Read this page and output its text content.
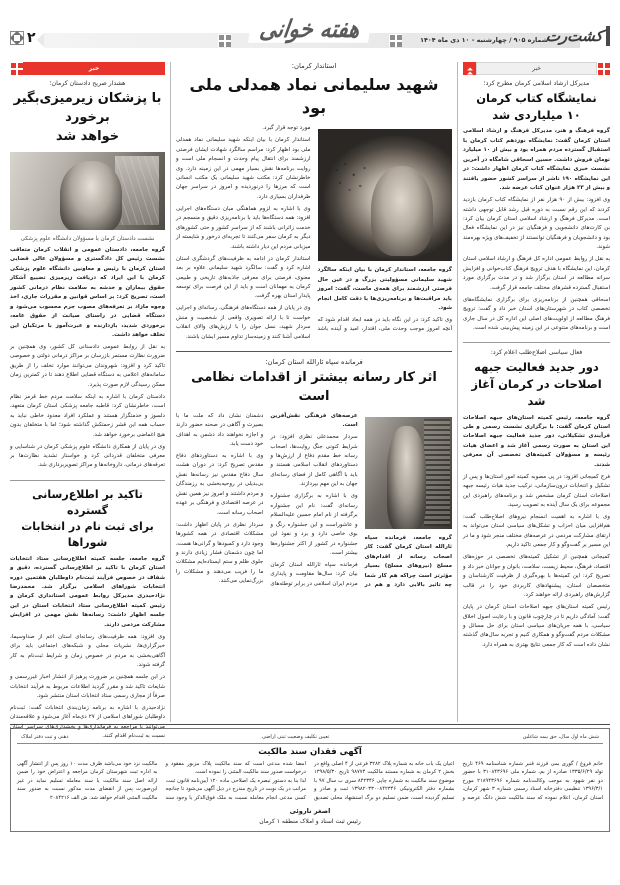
كشت‌رت
شماره ۹۰۵ / چهارشنبه - ۱۰ دی ماه ۱۴۰۴
هفته خوانی
۲
خبر
مدیرکل ارشاد اسلامی کرمان مطرح کرد؛
نمایشگاه کتاب کرمان
۱۰ میلیاردی شد

گروه فرهنگ و هنر، مدیرکل فرهنگ و ارشاد اسلامی استان کرمان گفت: نمایشگاه نوزدهم کتاب کرمان با استقبال گسترده مردم همراه بود و بیش از ۱۰ میلیارد تومان فروش داشت. حسین اسحاقی شامگاه در آخرین نشست خبری نمایشگاه کتاب کرمان اظهار داشت: در این نمایشگاه ۱۹۰ ناشر از سراسر کشور حضور یافتند و بیش از ۲۳ هزار عنوان کتاب عرضه شد.

وی افزود: بیش از ۹۰ هزار نفر از نمایشگاه کتاب کرمان بازدید کردند که این رقم نسبت به دوره قبل رشد قابل توجهی داشته است. مدیرکل فرهنگ و ارشاد اسلامی استان کرمان بیان کرد: بن کارت‌های دانشجویی و فرهنگیان نیز در این نمایشگاه فعال بود و دانشجویان و فرهنگیان توانستند از تخفیف‌های ویژه بهره‌مند شوند.

به نقل از روابط عمومی اداره کل فرهنگ و ارشاد اسلامی استان کرمان، این نمایشگاه با هدف ترویج فرهنگ کتاب‌خوانی و افزایش سرانه مطالعه در استان برگزار شد و در مدت برگزاری مورد استقبال گسترده قشرهای مختلف جامعه قرار گرفت.

اسحاقی همچنین از برنامه‌ریزی برای برگزاری نمایشگاه‌های تخصصی کتاب در شهرستان‌های استان خبر داد و گفت: ترویج فرهنگ مطالعه از اولویت‌های اصلی این اداره کل در سال جاری است و برنامه‌های متنوعی در این زمینه پیش‌بینی شده است.

فعال سیاسی اصلاح‌طلب اعلام کرد:
دور جدید فعالیت جبهه
اصلاحات در کرمان آغاز شد

گروه جامعه، رئیس کمیته استان‌های جبهه اصلاحات استان کرمان گفت: با برگزاری نشست رسمی و طی فرآیندی تشکیلاتی، دور جدید فعالیت جبهه اصلاحات این استان به صورت رسمی آغاز شد و اعضای هیات رئیسه و مسؤولان کمیته‌های تخصصی آن معرفی شدند.

فرج کمیجانی افزود: در پی مصوبه کمیته امور استان‌ها و پس از تشکیل و انتخابات درون‌سازمانی، ترکیب جدید هیات رئیسه جبهه اصلاحات استان کرمان مشخص شد و برنامه‌های راهبردی این مجموعه برای یک سال آینده به تصویب رسید.

وی با اشاره به اهمیت انسجام نیروهای اصلاح‌طلب گفت: هم‌افزایی میان احزاب و تشکل‌های سیاسی استان می‌تواند به ارتقای مشارکت مردمی در عرصه‌های مختلف منجر شود و ما در این مسیر بر گفت‌وگو و کار جمعی تاکید داریم.

کمیجانی همچنین از تشکیل کمیته‌های تخصصی در حوزه‌های اقتصاد، فرهنگ، محیط زیست، سلامت، بانوان و جوانان خبر داد و تصریح کرد: این کمیته‌ها با بهره‌گیری از ظرفیت کارشناسان و متخصصان استان، پیشنهادهای کاربردی خود را در قالب گزارش‌های راهبردی ارائه خواهند کرد.

رئیس کمیته استان‌های جبهه اصلاحات استان کرمان در پایان گفت: آمادگی داریم تا در چارچوب قانون و با رعایت اصول اخلاق سیاسی، با همه جریان‌های سیاسی استان برای حل مسائل و مشکلات مردم گفت‌وگو و همکاری کنیم و تجربه سال‌های گذشته نشان داده است که کار جمعی نتایج بهتری به همراه دارد.

استاندار کرمان:
شهید سلیمانی نماد همدلی ملی بود

گروه جامعه، استاندار کرمان با بیان اینکه سالگرد شهید سلیمانی مسؤولیتی بزرگ و در عین حال فرصتی ارزشمند برای همه‌ی ماست، گفت: امروز باید مراقبت‌ها و برنامه‌ریزی‌ها با دقت کامل انجام شود.

وی تاکید کرد: در این نگاه باید در همه ابعاد اقدام شود که آنچه امروز موجب وحدت ملی، اقتدار، امید و آینده باشد مورد توجه قرار گیرد.

استاندار کرمان با بیان اینکه شهید سلیمانی نماد همدلی ملی بود اظهار کرد: مراسم سالگرد شهادت ایشان فرصتی ارزشمند برای انتقال پیام وحدت و انسجام ملی است و روایت برنامه‌ها نقش بسیار مهمی در این زمینه دارد. وی خاطرنشان کرد: مکتب شهید سلیمانی یک مکتب انسانی است که مرزها را درنوردیده و امروز در سراسر جهان طرفداران بسیاری دارد.

وی با اشاره به لزوم هماهنگی میان دستگاه‌های اجرایی افزود: همه دستگاه‌ها باید با برنامه‌ریزی دقیق و منسجم در خدمت زائرانی باشند که از سراسر کشور و حتی کشورهای دیگر به کرمان سفر می‌کنند تا تجربه‌ای درخور و شایسته از میزبانی مردم این دیار داشته باشند.

استاندار کرمان در ادامه به ظرفیت‌های گردشگری استان اشاره کرد و گفت: سالگرد شهید سلیمانی علاوه بر بعد معنوی، فرصتی برای معرفی جاذبه‌های تاریخی و طبیعی کرمان به مهمانان است و باید از این فرصت برای توسعه پایدار استان بهره گرفت.

وی در پایان از همه دستگاه‌های فرهنگی، رسانه‌ای و اجرایی خواست تا با ارائه تصویری واقعی از شخصیت و منش سردار شهید، نسل جوان را با ارزش‌های والای انقلاب اسلامی آشنا کنند و زمینه‌ساز تداوم مسیر ایشان باشند.

فرمانده سپاه ثارالله استان کرمان:
اثر کار رسانه بیشتر از اقدامات نظامی است

گروه جامعه، فرمانده سپاه ثارالله استان کرمان گفت: کار اصحاب رسانه از اقدام‌های مسلح (نیروهای مسلح) بسیار مؤثرتر است چراکه هم کار شما چه تاثیر بالایی دارد و هم در عرصه‌های فرهنگی نقش‌آفرین است.

سردار محمدعلی نظری افزود: در شرایط کنونی جنگ روایت‌ها، اصحاب رسانه خط مقدم دفاع از ارزش‌ها و دستاوردهای انقلاب اسلامی هستند و باید با آگاهی کامل از فضای رسانه‌ای جهان به این مهم بپردازند.

وی با اشاره به برگزاری جشنواره رسانه‌ای گفت: نام این جشنواره برگرفته از نام امام حسین علیه‌السلام و عاشوراست و این جشنواره رنگ و بوی خاصی دارد و برد و نفوذ این جشنواره در کشور از اکثر جشنواره‌ها بیشتر است.

فرمانده سپاه ثارالله استان کرمان بیان کرد: سال‌ها مقاومت و پایداری مردم ایران اسلامی در برابر توطئه‌های دشمنان نشان داد که ملت ما با بصیرت و آگاهی در صحنه حضور دارند و اجازه نخواهند داد دشمن به اهداف خود دست یابد.

وی با اشاره به دستاوردهای دفاع مقدس تصریح کرد: در دوران هشت سال دفاع مقدس نیز رسانه‌ها نقش بی‌بدیلی در روحیه‌بخشی به رزمندگان و مردم داشتند و امروز نیز همین نقش در عرصه اقتصادی و فرهنگی بر عهده اصحاب رسانه است.

سردار نظری در پایان اظهار داشت: مشکلات اقتصادی در همه کشورها وجود دارد و کمبودها و گرانی‌ها هست، اما چون دشمنان فشار زیادی دارند و جلوی ظلم و ستم ایستاده‌ایم مشکلات ما را فریب می‌دهند و مشکلات را بزرگ‌نمایی می‌کنند.

خبر
هشدار صریح دادستان کرمان؛
با پزشکان زیرمیزی‌بگیر برخورد
خواهد شد
نشست دادستان کرمان با مسؤولان دانشگاه علوم پزشکی

گروه جامعه، دادستان عمومی و انقلاب کرمان متعاقب نشست رئیس کل دادگستری و مسؤولان عالی قضایی استان کرمان با رئیس و معاونین دانشگاه علوم پزشکی کرمان با این ایراد که دریافت زیرمیزی تضییع آشکار حقوق بیماران و خدشه به سلامت نظام درمانی کشور است، تصریح کرد: بر اساس قوانین و مقررات جاری، اخذ وجوه مازاد بر تعرفه‌های مصوب جرم محسوب می‌شود و دستگاه قضایی در راستای صیانت از حقوق عامه، برخوردی شدید، بازدارنده و عبرت‌آموز با مرتکبان این تخلف خواهد داشت.

به نقل از روابط عمومی دادستانی کل کشور، وی همچنین بر ضرورت نظارت مستمر بازرسان بر مراکز درمانی دولتی و خصوصی تاکید کرد و افزود: شهروندان می‌توانند موارد تخلف را از طریق سامانه‌های اعلامی به دستگاه قضایی اطلاع دهند تا در کمترین زمان ممکن رسیدگی لازم صورت پذیرد.

دادستان کرمان با اشاره به اینکه سلامت مردم خط قرمز نظام است، خاطرنشان کرد: قاطبه جامعه پزشکی استان کرمان متعهد، دلسوز و خدمتگزار هستند و عملکرد افراد معدود خاطی نباید به حساب همه این قشر زحمتکش گذاشته شود؛ اما با متخلفان بدون هیچ اغماضی برخورد خواهد شد.

وی در پایان از همکاری دانشگاه علوم پزشکی کرمان در شناسایی و معرفی متخلفان قدردانی کرد و خواستار تشدید نظارت‌ها بر تعرفه‌های درمانی، داروخانه‌ها و مراکز تصویربرداری شد.

تاکید بر اطلاع‌رسانی گسترده
برای ثبت نام در انتخابات شوراها

گروه جامعه، جلسه کمیته اطلاع‌رسانی ستاد انتخابات استان کرمان با تاکید بر اطلاع‌رسانی گسترده، دقیق و شفاف در خصوص فرآیند ثبت‌نام داوطلبان هفتمین دوره انتخابات شوراهای اسلامی برگزار شد. محمدرضا نژادحیدری مدیرکل روابط عمومی استانداری کرمان و رئیس کمیته اطلاع‌رسانی ستاد انتخابات استان در این جلسه اظهار داشت: رسانه‌ها نقش مهمی در افزایش مشارکت مردمی دارند.

وی افزود: همه ظرفیت‌های رسانه‌ای استان اعم از صداوسیما، خبرگزاری‌ها، نشریات محلی و شبکه‌های اجتماعی باید برای آگاهی‌بخشی به مردم در خصوص زمان و شرایط ثبت‌نام به کار گرفته شوند.

در این جلسه همچنین بر ضرورت پرهیز از انتشار اخبار غیررسمی و شایعات تاکید شد و مقرر گردید اطلاعات مربوط به فرآیند انتخابات صرفاً از مجاری رسمی ستاد انتخابات استان منتشر شود.

نژادحیدری با اشاره به برنامه زمان‌بندی انتخابات گفت: ثبت‌نام داوطلبان شوراهای اسلامی از ۲۷ دی‌ماه آغاز می‌شود و علاقه‌مندان می‌توانند با مراجعه به فرمانداری‌ها و بخشداری‌های سراسر استان نسبت به ثبت‌نام اقدام کنند.	شش ماه اول سال، حق بیمه شاغلین
تعیین تکلیف وضعیت ثبتی اراضی
دهنی و ثبت دفتر املاک
آگهی فقدان سند مالکیت

خانم فروغ / گوری بمی فرزند قنبر شماره شناسنامه ۴۶۹ تاریخ تولد ۱۳۳۵/۶/۲۹ صادره از بم، شماره ملی ۳۱۰۸۴۳۶۹۶ با حضور دو نفر شهود به موجب وکالت‌نامه شماره ۲۱۸۹۴۳۶۹۶ مورخ ۱۳۹۶/۳/۱ تنظیمی دفترخانه اسناد رسمی شماره ۳ شهر کرمان، استان کرمان، اعلام نموده که سند مالکیت شش دانگ عرصه و اعیان یک باب خانه به شماره پلاک ۳۲۸۲ فرعی از ۴ اصلی واقع در بخش ۲ کرمان به شماره مستند مالکیت ۹۸۷۷۴ تاریخ ۱۳۹۸/۵/۳۰ موضوع سند مالکیت به شماره چاپی ۸۴۲۳۴۶ سری ب سال ۹۷ با بشماره دفتر الکترونیکی ۱۳۹۸۲۰۳۳۰۰۸۴۲۳۴۶ ثبت و صادر و تسلیم گردیده است، ضمن تسلیم دو برگ استشهاد محلی تصدیق امضا شده مدعی است که سند مالکیت پلاک مزبور مفقود و درخواست صدور سند مالکیت المثنی را نموده است.

لذا بنا به دستور تبصره یک اصلاحی ماده ۱۲۰ آیین‌نامه قانون ثبت، مراتب در یک نوبت در تاریخ مندرج در ذیل آگهی می‌شود تا چنانچه کسی مدعی انجام معامله نسبت به ملک فوق‌الذکر یا وجود سند مالکیت نزد خود می‌باشد ظرف مدت ۱۰ روز پس از انتشار آگهی به اداره ثبت شهرستان کرمان مراجعه و اعتراض خود را ضمن ارائه اصل سند مالکیت یا سند معامله تسلیم نماید در غیر این‌صورت پس از انقضای مدت مذکور نسبت به صدور سند مالکیت المثنی اقدام خواهد شد. ش الف ۲۰۸۴۲۱۶

اصغر ناروئی
رئیس ثبت اسناد و املاک منطقه ۱ کرمان
